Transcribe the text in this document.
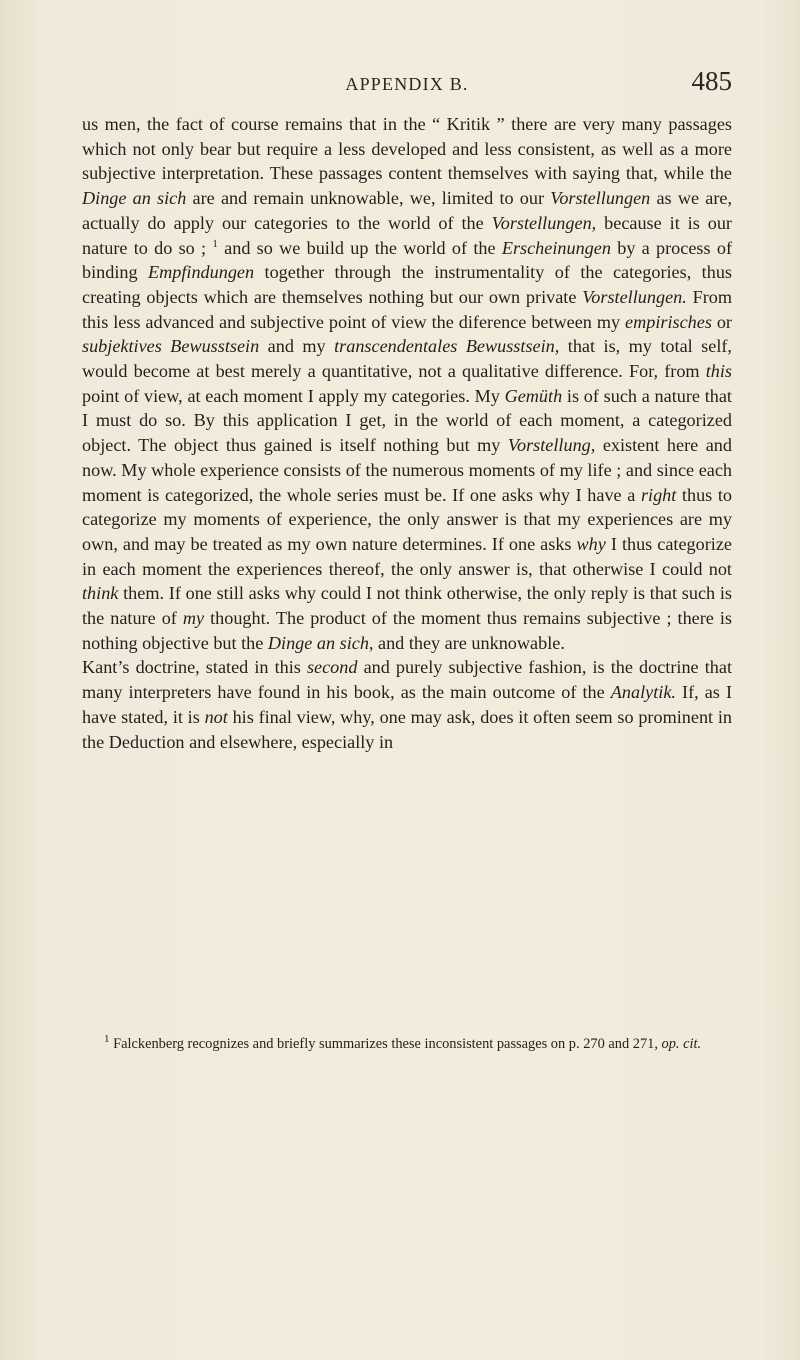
APPENDIX B.	485

us men, the fact of course remains that in the “ Kritik ” there are very many passages which not only bear but require a less developed and less consistent, as well as a more subjective interpretation. These passages content themselves with saying that, while the Dinge an sich are and remain unknowable, we, limited to our Vorstellungen as we are, actually do apply our categories to the world of the Vorstellungen, because it is our nature to do so ; $^1$ and so we build up the world of the Erscheinungen by a process of binding Empfindungen together through the instrumentality of the categories, thus creating objects which are themselves nothing but our own private Vorstellungen. From this less advanced and subjective point of view the diference between my empirisches or subjektives Bewusstsein and my transcendentales Bewusstsein, that is, my total self, would become at best merely a quantitative, not a qualitative difference. For, from this point of view, at each moment I apply my categories. My Gemüth is of such a nature that I must do so. By this application I get, in the world of each moment, a categorized object. The object thus gained is itself nothing but my Vorstellung, existent here and now. My whole experience consists of the numerous moments of my life ; and since each moment is categorized, the whole series must be. If one asks why I have a right thus to categorize my moments of experience, the only answer is that my experiences are my own, and may be treated as my own nature determines. If one asks why I thus categorize in each moment the experiences thereof, the only answer is, that otherwise I could not think them. If one still asks why could I not think otherwise, the only reply is that such is the nature of my thought. The product of the moment thus remains subjective ; there is nothing objective but the Dinge an sich, and they are unknowable.

Kant’s doctrine, stated in this second and purely subjective fashion, is the doctrine that many interpreters have found in his book, as the main outcome of the Analytik. If, as I have stated, it is not his final view, why, one may ask, does it often seem so prominent in the Deduction and elsewhere, especially in

$^1$ Falckenberg recognizes and briefly summarizes these inconsistent passages on p. 270 and 271, op. cit.
